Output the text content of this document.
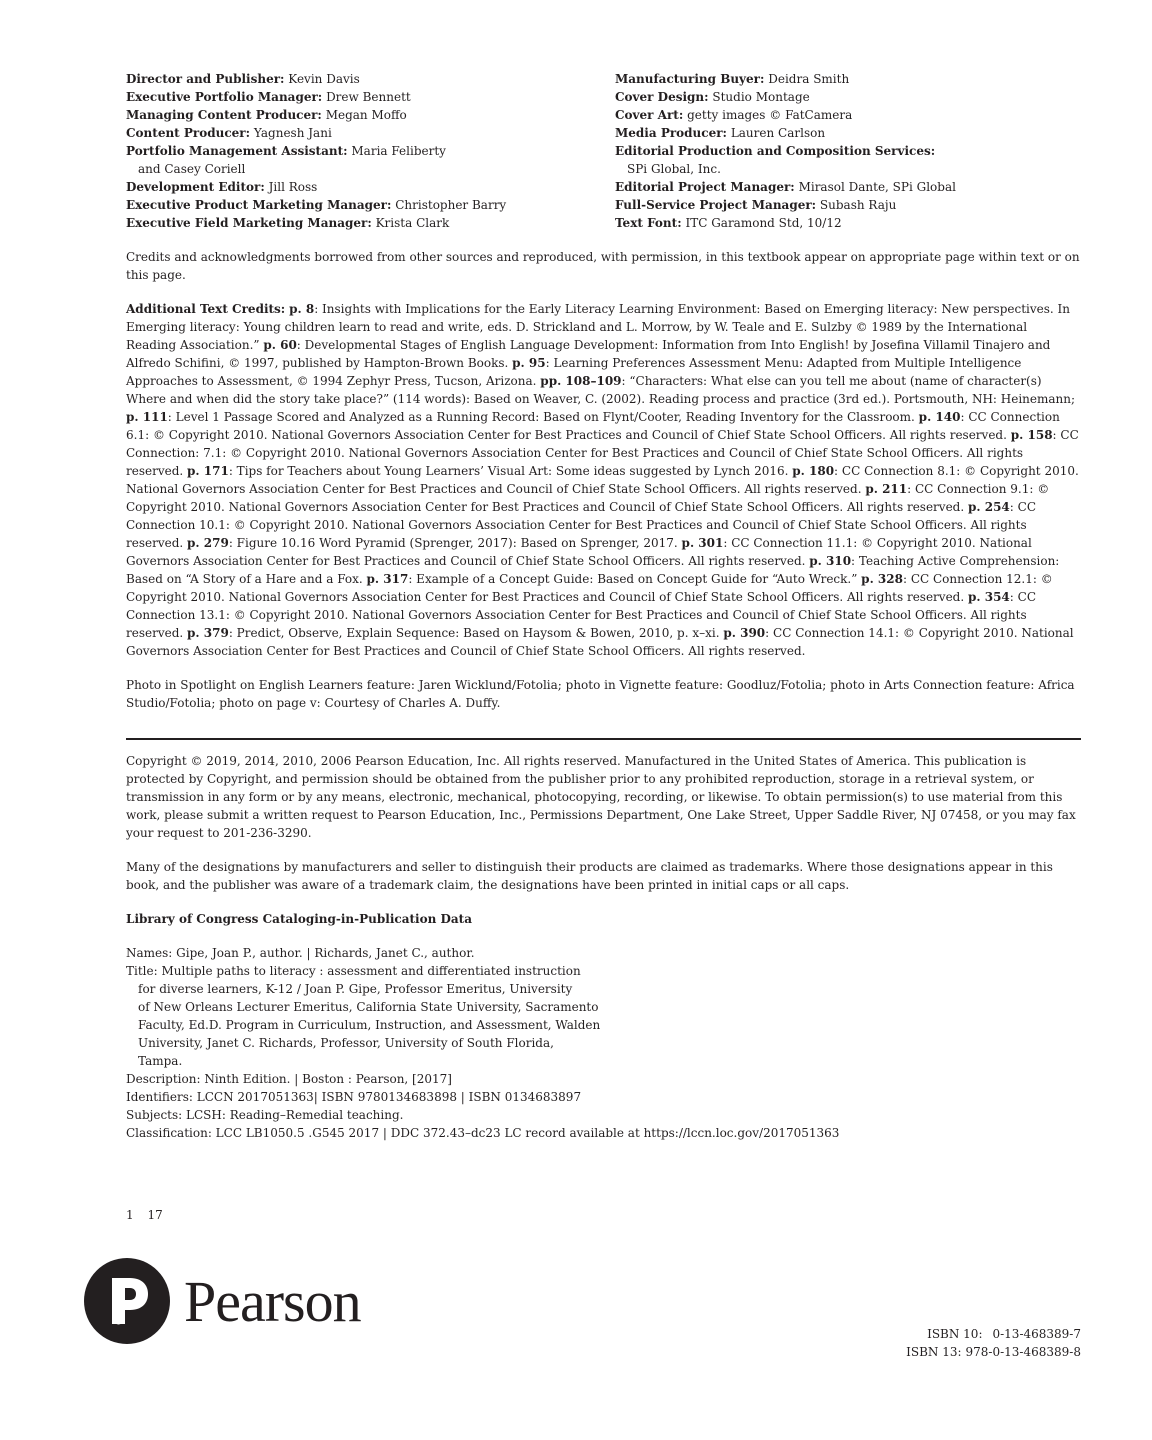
Director and Publisher: Kevin Davis
Executive Portfolio Manager: Drew Bennett
Managing Content Producer: Megan Moffo
Content Producer: Yagnesh Jani
Portfolio Management Assistant: Maria Feliberty
and Casey Coriell
Development Editor: Jill Ross
Executive Product Marketing Manager: Christopher Barry
Executive Field Marketing Manager: Krista Clark
Manufacturing Buyer: Deidra Smith
Cover Design: Studio Montage
Cover Art: getty images © FatCamera
Media Producer: Lauren Carlson
Editorial Production and Composition Services:
SPi Global, Inc.
Editorial Project Manager: Mirasol Dante, SPi Global
Full-Service Project Manager: Subash Raju
Text Font: ITC Garamond Std, 10/12

Credits and acknowledgments borrowed from other sources and reproduced, with permission, in this textbook appear on appropriate page within text or on this page.

Additional Text Credits: p. 8: Insights with Implications for the Early Literacy Learning Environment: Based on Emerging literacy: New perspectives. In Emerging literacy: Young children learn to read and write, eds. D. Strickland and L. Morrow, by W. Teale and E. Sulzby © 1989 by the International Reading Association.” p. 60: Developmental Stages of English Language Development: Information from Into English! by Josefina Villamil Tinajero and Alfredo Schifini, © 1997, published by Hampton-Brown Books. p. 95: Learning Preferences Assessment Menu: Adapted from Multiple Intelligence Approaches to Assessment, © 1994 Zephyr Press, Tucson, Arizona. pp. 108–109: “Characters: What else can you tell me about (name of character(s) Where and when did the story take place?” (114 words): Based on Weaver, C. (2002). Reading process and practice (3rd ed.). Portsmouth, NH: Heinemann; p. 111: Level 1 Passage Scored and Analyzed as a Running Record: Based on Flynt/Cooter, Reading Inventory for the Classroom. p. 140: CC Connection 6.1: © Copyright 2010. National Governors Association Center for Best Practices and Council of Chief State School Officers. All rights reserved. p. 158: CC Connection: 7.1: © Copyright 2010. National Governors Association Center for Best Practices and Council of Chief State School Officers. All rights reserved. p. 171: Tips for Teachers about Young Learners’ Visual Art: Some ideas suggested by Lynch 2016. p. 180: CC Connection 8.1: © Copyright 2010. National Governors Association Center for Best Practices and Council of Chief State School Officers. All rights reserved. p. 211: CC Connection 9.1: © Copyright 2010. National Governors Association Center for Best Practices and Council of Chief State School Officers. All rights reserved. p. 254: CC Connection 10.1: © Copyright 2010. National Governors Association Center for Best Practices and Council of Chief State School Officers. All rights reserved. p. 279: Figure 10.16 Word Pyramid (Sprenger, 2017): Based on Sprenger, 2017. p. 301: CC Connection 11.1: © Copyright 2010. National Governors Association Center for Best Practices and Council of Chief State School Officers. All rights reserved. p. 310: Teaching Active Comprehension: Based on “A Story of a Hare and a Fox. p. 317: Example of a Concept Guide: Based on Concept Guide for “Auto Wreck.” p. 328: CC Connection 12.1: © Copyright 2010. National Governors Association Center for Best Practices and Council of Chief State School Officers. All rights reserved. p. 354: CC Connection 13.1: © Copyright 2010. National Governors Association Center for Best Practices and Council of Chief State School Officers. All rights reserved. p. 379: Predict, Observe, Explain Sequence: Based on Haysom & Bowen, 2010, p. x–xi. p. 390: CC Connection 14.1: © Copyright 2010. National Governors Association Center for Best Practices and Council of Chief State School Officers. All rights reserved.

Photo in Spotlight on English Learners feature: Jaren Wicklund/Fotolia; photo in Vignette feature: Goodluz/Fotolia; photo in Arts Connection feature: Africa Studio/Fotolia; photo on page v: Courtesy of Charles A. Duffy.

Copyright © 2019, 2014, 2010, 2006 Pearson Education, Inc. All rights reserved. Manufactured in the United States of America. This publication is protected by Copyright, and permission should be obtained from the publisher prior to any prohibited reproduction, storage in a retrieval system, or transmission in any form or by any means, electronic, mechanical, photocopying, recording, or likewise. To obtain permission(s) to use material from this work, please submit a written request to Pearson Education, Inc., Permissions Department, One Lake Street, Upper Saddle River, NJ 07458, or you may fax your request to 201-236-3290.

Many of the designations by manufacturers and seller to distinguish their products are claimed as trademarks. Where those designations appear in this book, and the publisher was aware of a trademark claim, the designations have been printed in initial caps or all caps.

Library of Congress Cataloging-in-Publication Data

Names: Gipe, Joan P., author. | Richards, Janet C., author.
Title: Multiple paths to literacy : assessment and differentiated instruction
for diverse learners, K-12 / Joan P. Gipe, Professor Emeritus, University
of New Orleans Lecturer Emeritus, California State University, Sacramento
Faculty, Ed.D. Program in Curriculum, Instruction, and Assessment, Walden
University, Janet C. Richards, Professor, University of South Florida,
Tampa.
Description: Ninth Edition. | Boston : Pearson, [2017]
Identifiers: LCCN 2017051363| ISBN 9780134683898 | ISBN 0134683897
Subjects: LCSH: Reading–Remedial teaching.
Classification: LCC LB1050.5 .G545 2017 | DDC 372.43–dc23 LC record available at https://lccn.loc.gov/2017051363
1 17
Pearson
ISBN 10: 0-13-468389-7
ISBN 13: 978-0-13-468389-8
